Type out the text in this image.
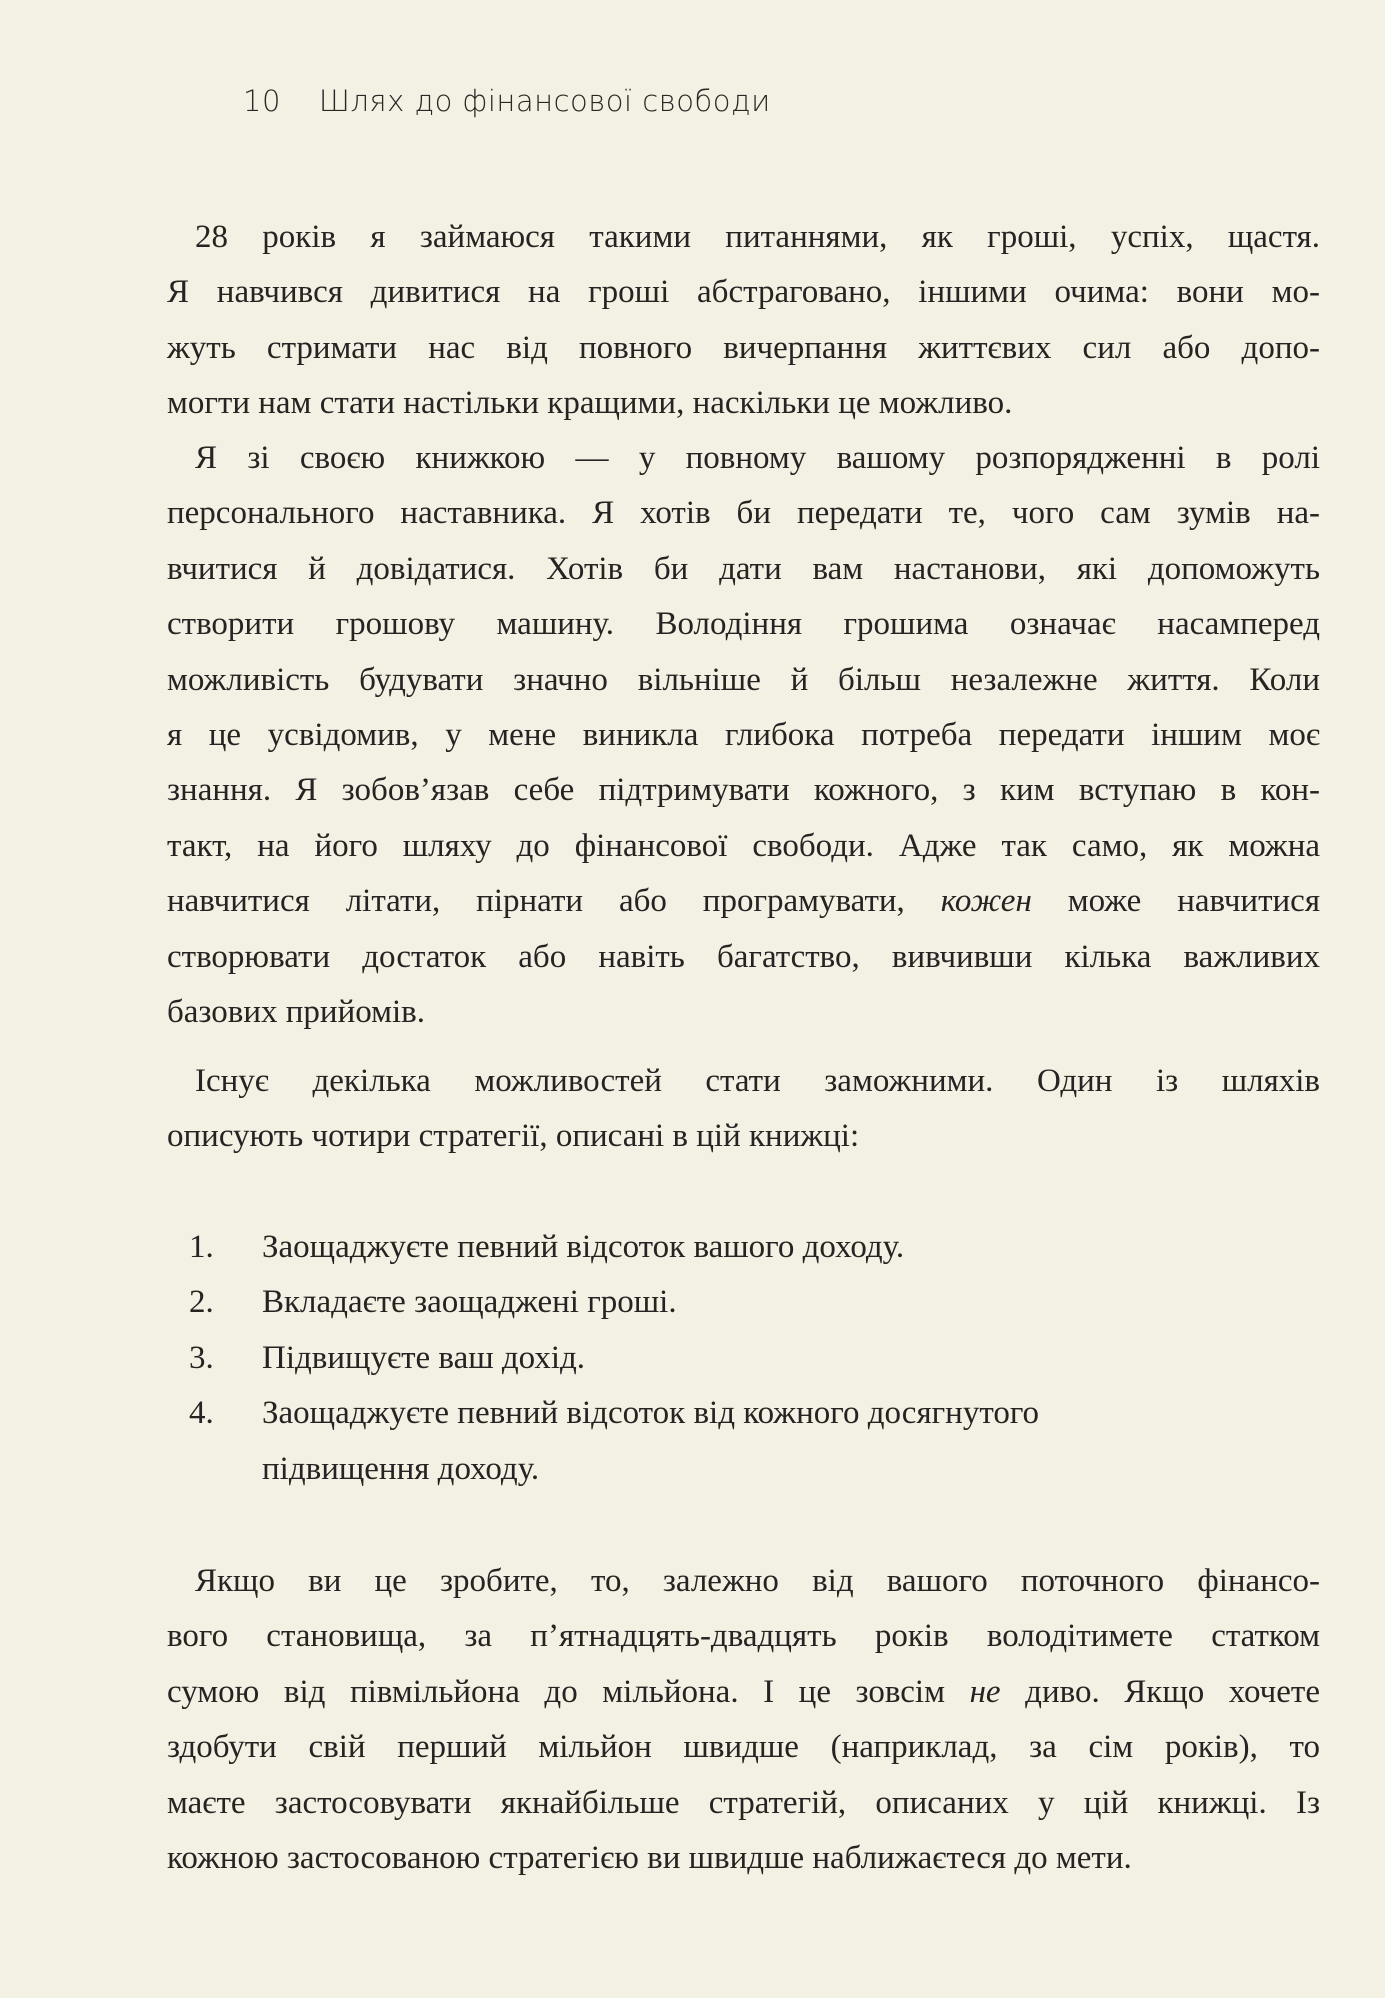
10 Шлях до фінансової свободи
28 років я займаюся такими питаннями, як гроші, успіх, щастя.
Я навчився дивитися на гроші абстраговано, іншими очима: вони мо-
жуть стримати нас від повного вичерпання життєвих сил або допо-
могти нам стати настільки кращими, наскільки це можливо.
Я зі своєю книжкою — у повному вашому розпорядженні в ролі
персонального наставника. Я хотів би передати те, чого сам зумів на-
вчитися й довідатися. Хотів би дати вам настанови, які допоможуть
створити грошову машину. Володіння грошима означає насамперед
можливість будувати значно вільніше й більш незалежне життя. Коли
я це усвідомив, у мене виникла глибока потреба передати іншим моє
знання. Я зобов’язав себе підтримувати кожного, з ким вступаю в кон-
такт, на його шляху до фінансової свободи. Адже так само, як можна
навчитися літати, пірнати або програмувати, кожен може навчитися
створювати достаток або навіть багатство, вивчивши кілька важливих
базових прийомів.
Існує декілька можливостей стати заможними. Один із шляхів
описують чотири стратегії, описані в цій книжці:
1.	Заощаджуєте певний відсоток вашого доходу.
2.	Вкладаєте заощаджені гроші.
3.	Підвищуєте ваш дохід.
4.	Заощаджуєте певний відсоток від кожного досягнутого
підвищення доходу.
Якщо ви це зробите, то, залежно від вашого поточного фінансо-
вого становища, за п’ятнадцять-двадцять років володітимете статком
сумою від півмільйона до мільйона. І це зовсім не диво. Якщо хочете
здобути свій перший мільйон швидше (наприклад, за сім років), то
маєте застосовувати якнайбільше стратегій, описаних у цій книжці. Із
кожною застосованою стратегією ви швидше наближаєтеся до мети.
